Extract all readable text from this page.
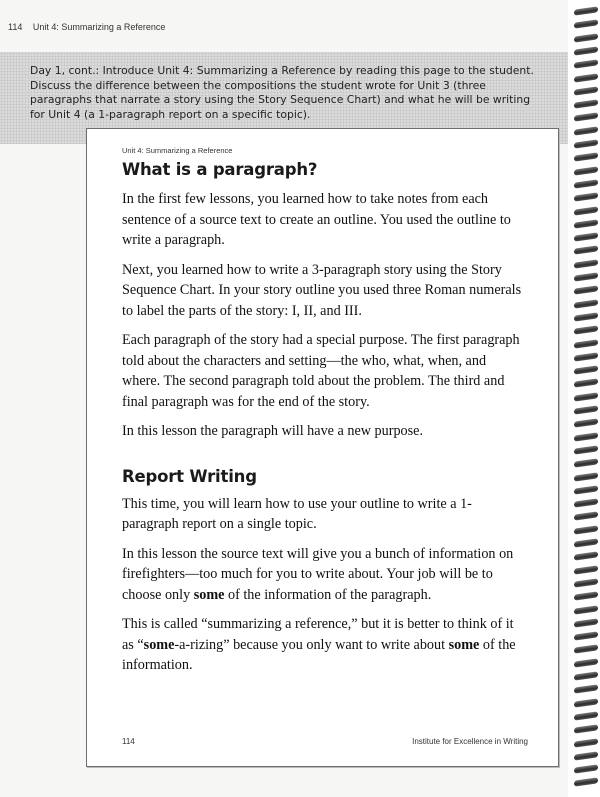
114 Unit 4: Summarizing a Reference

Day 1, cont.: Introduce Unit 4: Summarizing a Reference by reading this page to the student. Discuss the difference between the compositions the student wrote for Unit 3 (three paragraphs that narrate a story using the Story Sequence Chart) and what he will be writing for Unit 4 (a 1-paragraph report on a specific topic).

Unit 4: Summarizing a Reference
What is a paragraph?

In the first few lessons, you learned how to take notes from each sentence of a source text to create an outline. You used the outline to write a paragraph.

Next, you learned how to write a 3-paragraph story using the Story Sequence Chart. In your story outline you used three Roman numerals to label the parts of the story: I, II, and III.

Each paragraph of the story had a special purpose. The first paragraph told about the characters and setting—the who, what, when, and where. The second paragraph told about the problem. The third and final paragraph was for the end of the story.

In this lesson the paragraph will have a new purpose.

Report Writing

This time, you will learn how to use your outline to write a 1-paragraph report on a single topic.

In this lesson the source text will give you a bunch of information on firefighters—too much for you to write about. Your job will be to choose only some of the information of the paragraph.

This is called “summarizing a reference,” but it is better to think of it as “some-a-rizing” because you only want to write about some of the information.

114	Institute for Excellence in Writing
